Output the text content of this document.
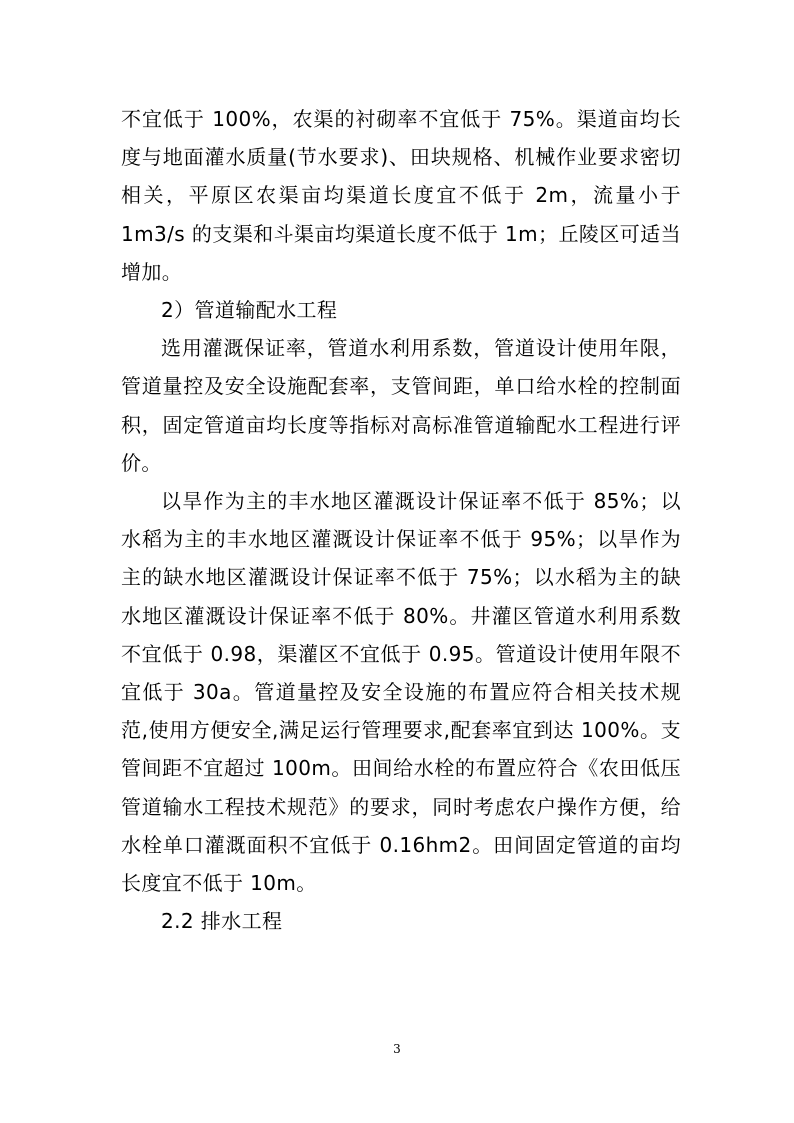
不宜低于 100%，农渠的衬砌率不宜低于 75%。渠道亩均长度与地面灌水质量(节水要求)、田块规格、机械作业要求密切相关，平原区农渠亩均渠道长度宜不低于 2m，流量小于 1m3/s 的支渠和斗渠亩均渠道长度不低于 1m；丘陵区可适当增加。

2）管道输配水工程

选用灌溉保证率，管道水利用系数，管道设计使用年限，管道量控及安全设施配套率，支管间距，单口给水栓的控制面积，固定管道亩均长度等指标对高标准管道输配水工程进行评价。

以旱作为主的丰水地区灌溉设计保证率不低于 85%；以水稻为主的丰水地区灌溉设计保证率不低于 95%；以旱作为主的缺水地区灌溉设计保证率不低于 75%；以水稻为主的缺水地区灌溉设计保证率不低于 80%。井灌区管道水利用系数不宜低于 0.98，渠灌区不宜低于 0.95。管道设计使用年限不宜低于 30a。管道量控及安全设施的布置应符合相关技术规范,使用方便安全,满足运行管理要求,配套率宜到达 100%。支管间距不宜超过 100m。田间给水栓的布置应符合《农田低压管道输水工程技术规范》的要求，同时考虑农户操作方便，给水栓单口灌溉面积不宜低于 0.16hm2。田间固定管道的亩均长度宜不低于 10m。

2.2 排水工程

3
